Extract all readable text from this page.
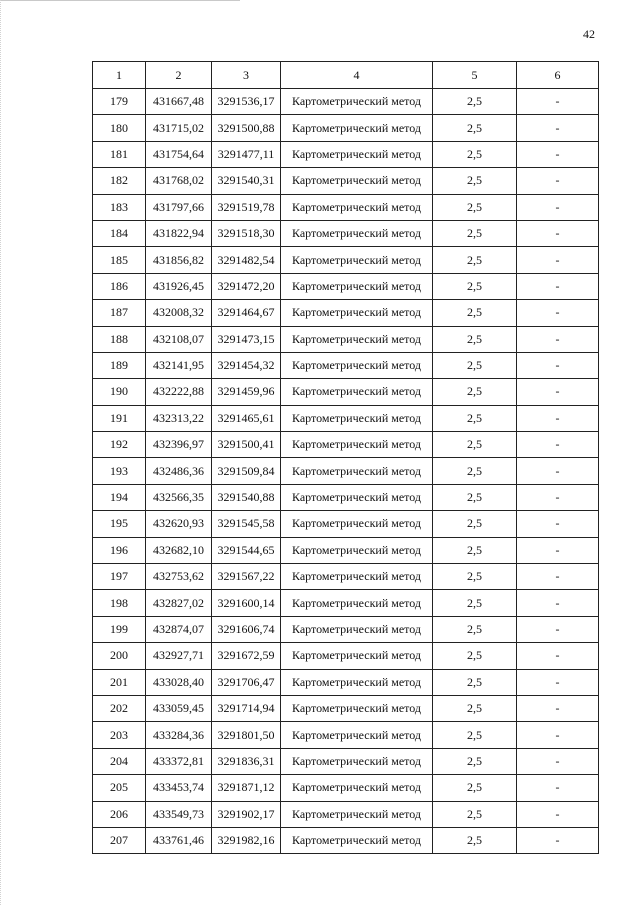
42
1	2	3	4	5	6
179	431667,48	3291536,17	Картометрический метод	2,5	-
180	431715,02	3291500,88	Картометрический метод	2,5	-
181	431754,64	3291477,11	Картометрический метод	2,5	-
182	431768,02	3291540,31	Картометрический метод	2,5	-
183	431797,66	3291519,78	Картометрический метод	2,5	-
184	431822,94	3291518,30	Картометрический метод	2,5	-
185	431856,82	3291482,54	Картометрический метод	2,5	-
186	431926,45	3291472,20	Картометрический метод	2,5	-
187	432008,32	3291464,67	Картометрический метод	2,5	-
188	432108,07	3291473,15	Картометрический метод	2,5	-
189	432141,95	3291454,32	Картометрический метод	2,5	-
190	432222,88	3291459,96	Картометрический метод	2,5	-
191	432313,22	3291465,61	Картометрический метод	2,5	-
192	432396,97	3291500,41	Картометрический метод	2,5	-
193	432486,36	3291509,84	Картометрический метод	2,5	-
194	432566,35	3291540,88	Картометрический метод	2,5	-
195	432620,93	3291545,58	Картометрический метод	2,5	-
196	432682,10	3291544,65	Картометрический метод	2,5	-
197	432753,62	3291567,22	Картометрический метод	2,5	-
198	432827,02	3291600,14	Картометрический метод	2,5	-
199	432874,07	3291606,74	Картометрический метод	2,5	-
200	432927,71	3291672,59	Картометрический метод	2,5	-
201	433028,40	3291706,47	Картометрический метод	2,5	-
202	433059,45	3291714,94	Картометрический метод	2,5	-
203	433284,36	3291801,50	Картометрический метод	2,5	-
204	433372,81	3291836,31	Картометрический метод	2,5	-
205	433453,74	3291871,12	Картометрический метод	2,5	-
206	433549,73	3291902,17	Картометрический метод	2,5	-
207	433761,46	3291982,16	Картометрический метод	2,5	-
